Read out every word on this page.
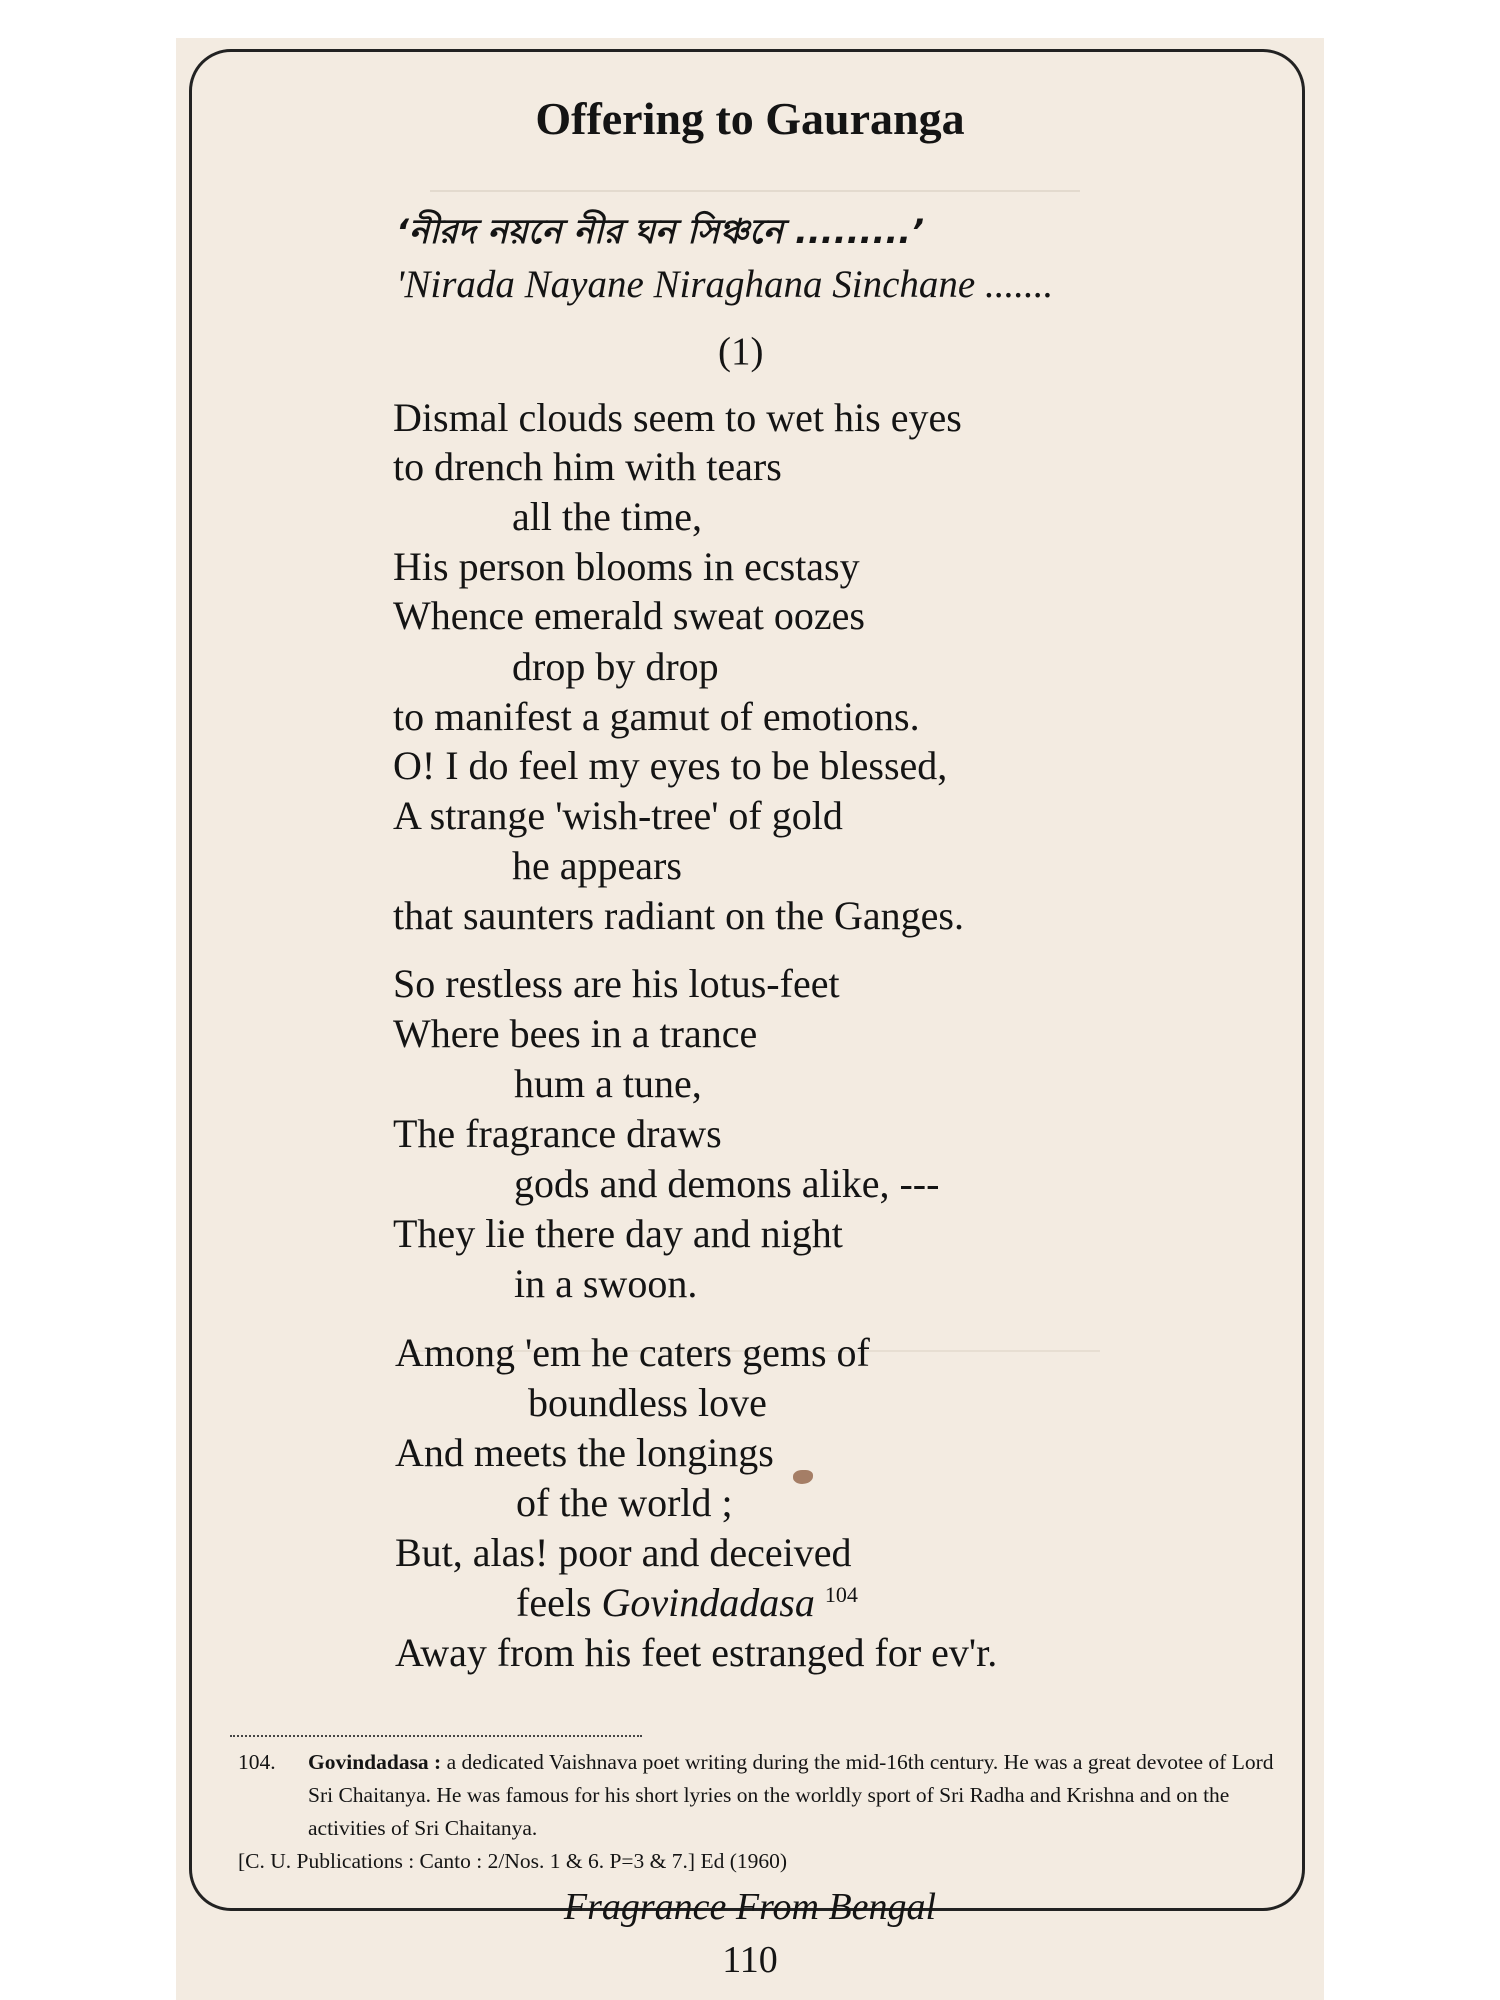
Offering to Gauranga
‘নীরদ নয়নে নীর ঘন সিঞ্চনে .........’
'Nirada Nayane Niraghana Sinchane .......
(1)
Dismal clouds seem to wet his eyes
to drench him with tears
all the time,
His person blooms in ecstasy
Whence emerald sweat oozes
drop by drop
to manifest a gamut of emotions.
O! I do feel my eyes to be blessed,
A strange 'wish-tree' of gold
he appears
that saunters radiant on the Ganges.
So restless are his lotus-feet
Where bees in a trance
hum a tune,
The fragrance draws
gods and demons alike, ---
They lie there day and night
in a swoon.
Among 'em he caters gems of
boundless love
And meets the longings
of the world ;
But, alas! poor and deceived
feels Govindadasa $^{104}$
Away from his feet estranged for ev'r.
104. Govindadasa : a dedicated Vaishnava poet writing during the mid-16th century. He was a great devotee of Lord Sri Chaitanya. He was famous for his short lyries on the worldly sport of Sri Radha and Krishna and on the activities of Sri Chaitanya.
[C. U. Publications : Canto : 2/Nos. 1 & 6. P=3 & 7.] Ed (1960)
Fragrance From Bengal
110
